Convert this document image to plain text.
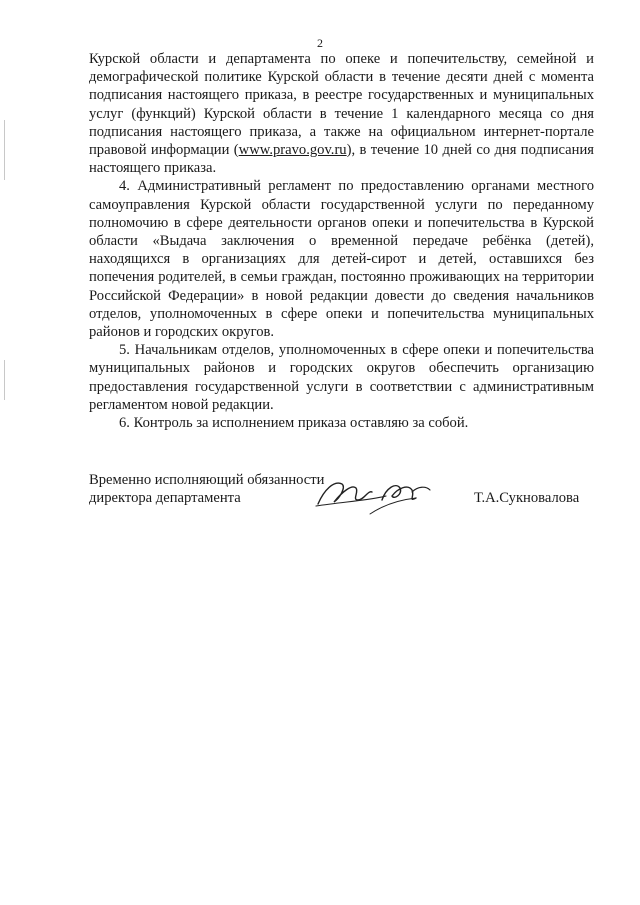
2

Курской области и департамента по опеке и попечительству, семейной и демографической политике Курской области в течение десяти дней с момента подписания настоящего приказа, в реестре государственных и муниципальных услуг (функций) Курской области в течение 1 календарного месяца со дня подписания настоящего приказа, а также на официальном интернет-портале правовой информации (www.pravo.gov.ru), в течение 10 дней со дня подписания настоящего приказа.

4. Административный регламент по предоставлению органами местного самоуправления Курской области государственной услуги по переданному полномочию в сфере деятельности органов опеки и попечительства в Курской области «Выдача заключения о временной передаче ребёнка (детей), находящихся в организациях для детей-сирот и детей, оставшихся без попечения родителей, в семьи граждан, постоянно проживающих на территории Российской Федерации» в новой редакции довести до сведения начальников отделов, уполномоченных в сфере опеки и попечительства муниципальных районов и городских округов.

5. Начальникам отделов, уполномоченных в сфере опеки и попечительства муниципальных районов и городских округов обеспечить организацию предоставления государственной услуги в соответствии с административным регламентом новой редакции.

6. Контроль за исполнением приказа оставляю за собой.

Временно исполняющий обязанности
директора департамента	Т.А.Сукновалова
